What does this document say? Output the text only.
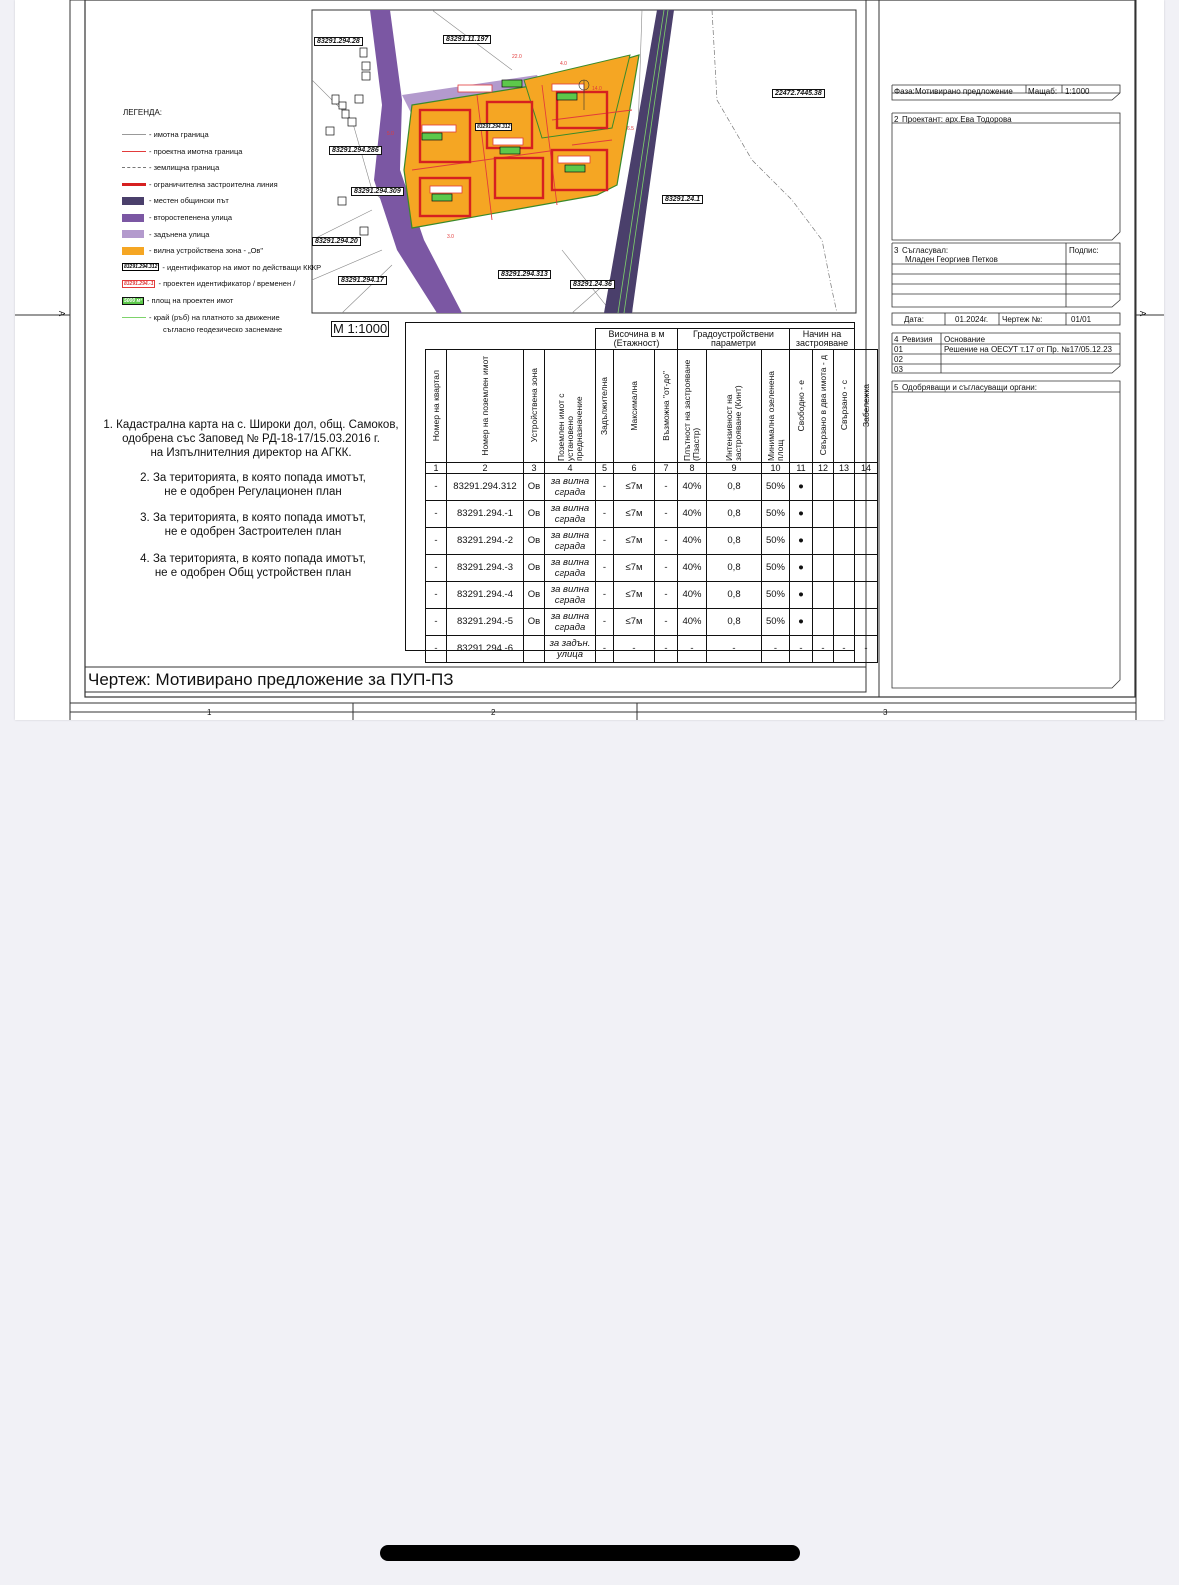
5.0
22.0
4.0
14.0
6.5
3.0
83291.294.28	83291.11.197
22472.7445.38
83291.294.286
83291.294.309
83291.294.20
83291.294.17
83291.294.313
83291.24.36
83291.24.1
83291.294.312
М 1:1000
ЛЕГЕНДА:
- имотна граница
- проектна имотна граница
- землищна граница
- ограничителна застроителна линия
- местен общински път
- второстепенена улица
- задънена улица
- вилна устройствена зона - „Ов"
83291.294.312 - идентификатор на имот по действащи КККР
83291.294.-1 - проектен идентификатор / временен /
5000 м² - площ на проектен имот
- край (ръб) на платното за движение
съгласно геодезическо заснемане
1. Кадастрална карта на с. Широки дол, общ. Самоков,
одобрена със Заповед № РД-18-17/15.03.2016 г.
на Изпълнителния директор на АГКК.
2. За територията, в която попада имотът,
не е одобрен Регулационен план
3. За територията, в която попада имотът,
не е одобрен Застроителен план
4. За територията, в която попада имотът,
не е одобрен Общ устройствен план
				Височина в м (Етажност)			Градоустройствени параметри			Начин на застрояване			

Номер на квартал	Номер на поземлен имот	Устройствена зона	Поземлен имот с установено предназначение	Задължителна	Максимална	Възможна "от-до"	Плътност на застрояване (Пзастр)	Интензивност на застрояване (Кинт)	Минимална озеленена площ	Свободно - е	Свързано в два имота - д	Свързано - с	Забележка

1	2	3	4	5	6	7	8	9	10	11	12	13	14
-	83291.294.312	Ов	за вилна сграда	-	≤7м	-	40%	0,8	50%	●			
-	83291.294.-1	Ов	за вилна сграда	-	≤7м	-	40%	0,8	50%	●			
-	83291.294.-2	Ов	за вилна сграда	-	≤7м	-	40%	0,8	50%	●			
-	83291.294.-3	Ов	за вилна сграда	-	≤7м	-	40%	0,8	50%	●			
-	83291.294.-4	Ов	за вилна сграда	-	≤7м	-	40%	0,8	50%	●			
-	83291.294.-5	Ов	за вилна сграда	-	≤7м	-	40%	0,8	50%	●			
-	83291.294.-6		за задън. улица	-	-	-	-	-	-	-	-	-	-
Чертеж: Мотивирано предложение за ПУП-ПЗ
Фаза: Мотивирано предложение Мащаб: 1:1000
2 Проектант: арх.Ева Тодорова
3 Съгласувал:
Младен Георгиев Петков
Подпис:
Дата:	01.2024г. Чертеж №:	01/01
4 Ревизия Основание
01	Решение на ОЕСУТ т.17 от Пр. №17/05.12.23
02
03
5 Одобряващи и съгласуващи органи:
1	2	3
A	A
